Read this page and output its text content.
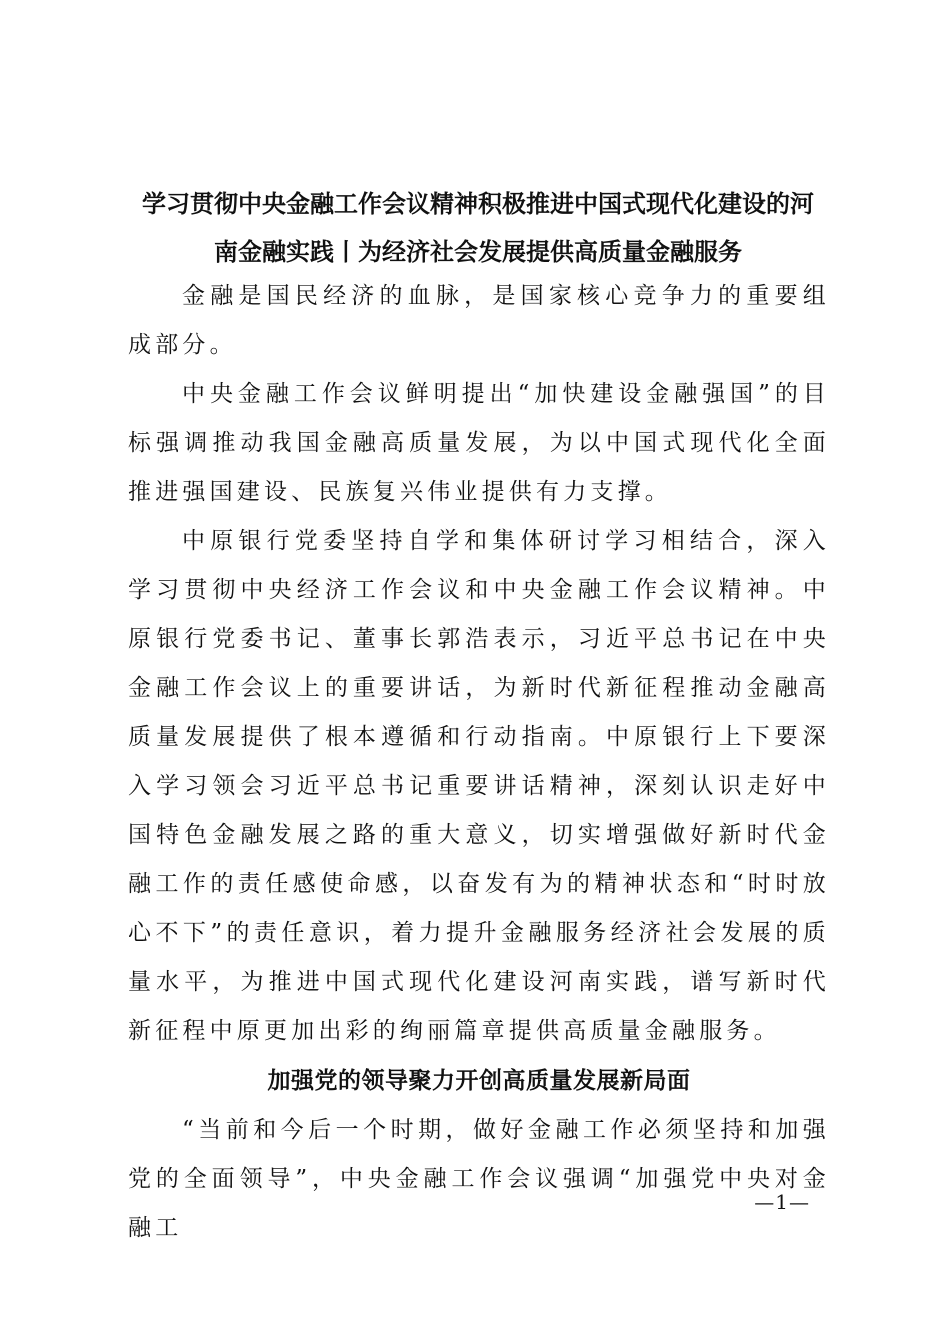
学习贯彻中央金融工作会议精神积极推进中国式现代化建设的河
南金融实践丨为经济社会发展提供高质量金融服务

金融是国民经济的血脉，是国家核心竞争力的重要组成部分。

中央金融工作会议鲜明提出“加快建设金融强国”的目标强调推动我国金融高质量发展，为以中国式现代化全面推进强国建设、民族复兴伟业提供有力支撑。

中原银行党委坚持自学和集体研讨学习相结合，深入学习贯彻中央经济工作会议和中央金融工作会议精神。中原银行党委书记、董事长郭浩表示，习近平总书记在中央金融工作会议上的重要讲话，为新时代新征程推动金融高质量发展提供了根本遵循和行动指南。中原银行上下要深入学习领会习近平总书记重要讲话精神，深刻认识走好中国特色金融发展之路的重大意义，切实增强做好新时代金融工作的责任感使命感，以奋发有为的精神状态和“时时放心不下”的责任意识，着力提升金融服务经济社会发展的质量水平，为推进中国式现代化建设河南实践，谱写新时代新征程中原更加出彩的绚丽篇章提供高质量金融服务。

加强党的领导聚力开创高质量发展新局面

“当前和今后一个时期，做好金融工作必须坚持和加强党的全面领导”，中央金融工作会议强调“加强党中央对金融工

—1—
